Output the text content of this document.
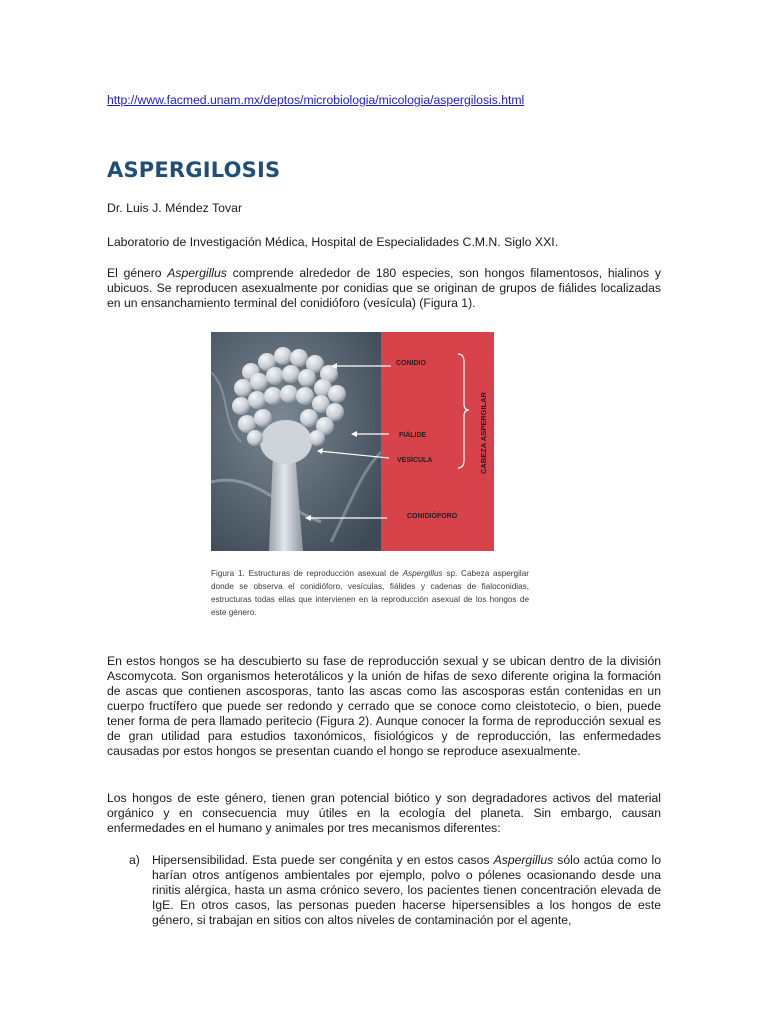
http://www.facmed.unam.mx/deptos/microbiologia/micologia/aspergilosis.html
ASPERGILOSIS
Dr. Luis J. Méndez Tovar
Laboratorio de Investigación Médica, Hospital de Especialidades C.M.N. Siglo XXI.

El género Aspergillus comprende alrededor de 180 especies, son hongos filamentosos, hialinos y ubicuos. Se reproducen asexualmente por conidias que se originan de grupos de fiálides localizadas en un ensanchamiento terminal del conidióforo (vesícula) (Figura 1).

CONIDIO
FIÁLIDE
VESÍCULA
CONIDIÓFORO
CABEZA ASPERGILAR

Figura 1. Estructuras de reproducción asexual de Aspergillus sp. Cabeza aspergilar donde se observa el conidióforo, vesículas, fiálides y cadenas de fialoconidias, estructuras todas ellas que intervienen en la reproducción asexual de los hongos de este género.

En estos hongos se ha descubierto su fase de reproducción sexual y se ubican dentro de la división Ascomycota. Son organismos heterotálicos y la unión de hifas de sexo diferente origina la formación de ascas que contienen ascosporas, tanto las ascas como las ascosporas están contenidas en un cuerpo fructífero que puede ser redondo y cerrado que se conoce como cleistotecio, o bien, puede tener forma de pera llamado peritecio (Figura 2). Aunque conocer la forma de reproducción sexual es de gran utilidad para estudios taxonómicos, fisiológicos y de reproducción, las enfermedades causadas por estos hongos se presentan cuando el hongo se reproduce asexualmente.

Los hongos de este género, tienen gran potencial biótico y son degradadores activos del material orgánico y en consecuencia muy útiles en la ecología del planeta. Sin embargo, causan enfermedades en el humano y animales por tres mecanismos diferentes:

a) Hipersensibilidad. Esta puede ser congénita y en estos casos Aspergillus sólo actúa como lo harían otros antígenos ambientales por ejemplo, polvo o pólenes ocasionando desde una rinitis alérgica, hasta un asma crónico severo, los pacientes tienen concentración elevada de IgE. En otros casos, las personas pueden hacerse hipersensibles a los hongos de este género, si trabajan en sitios con altos niveles de contaminación por el agente,
